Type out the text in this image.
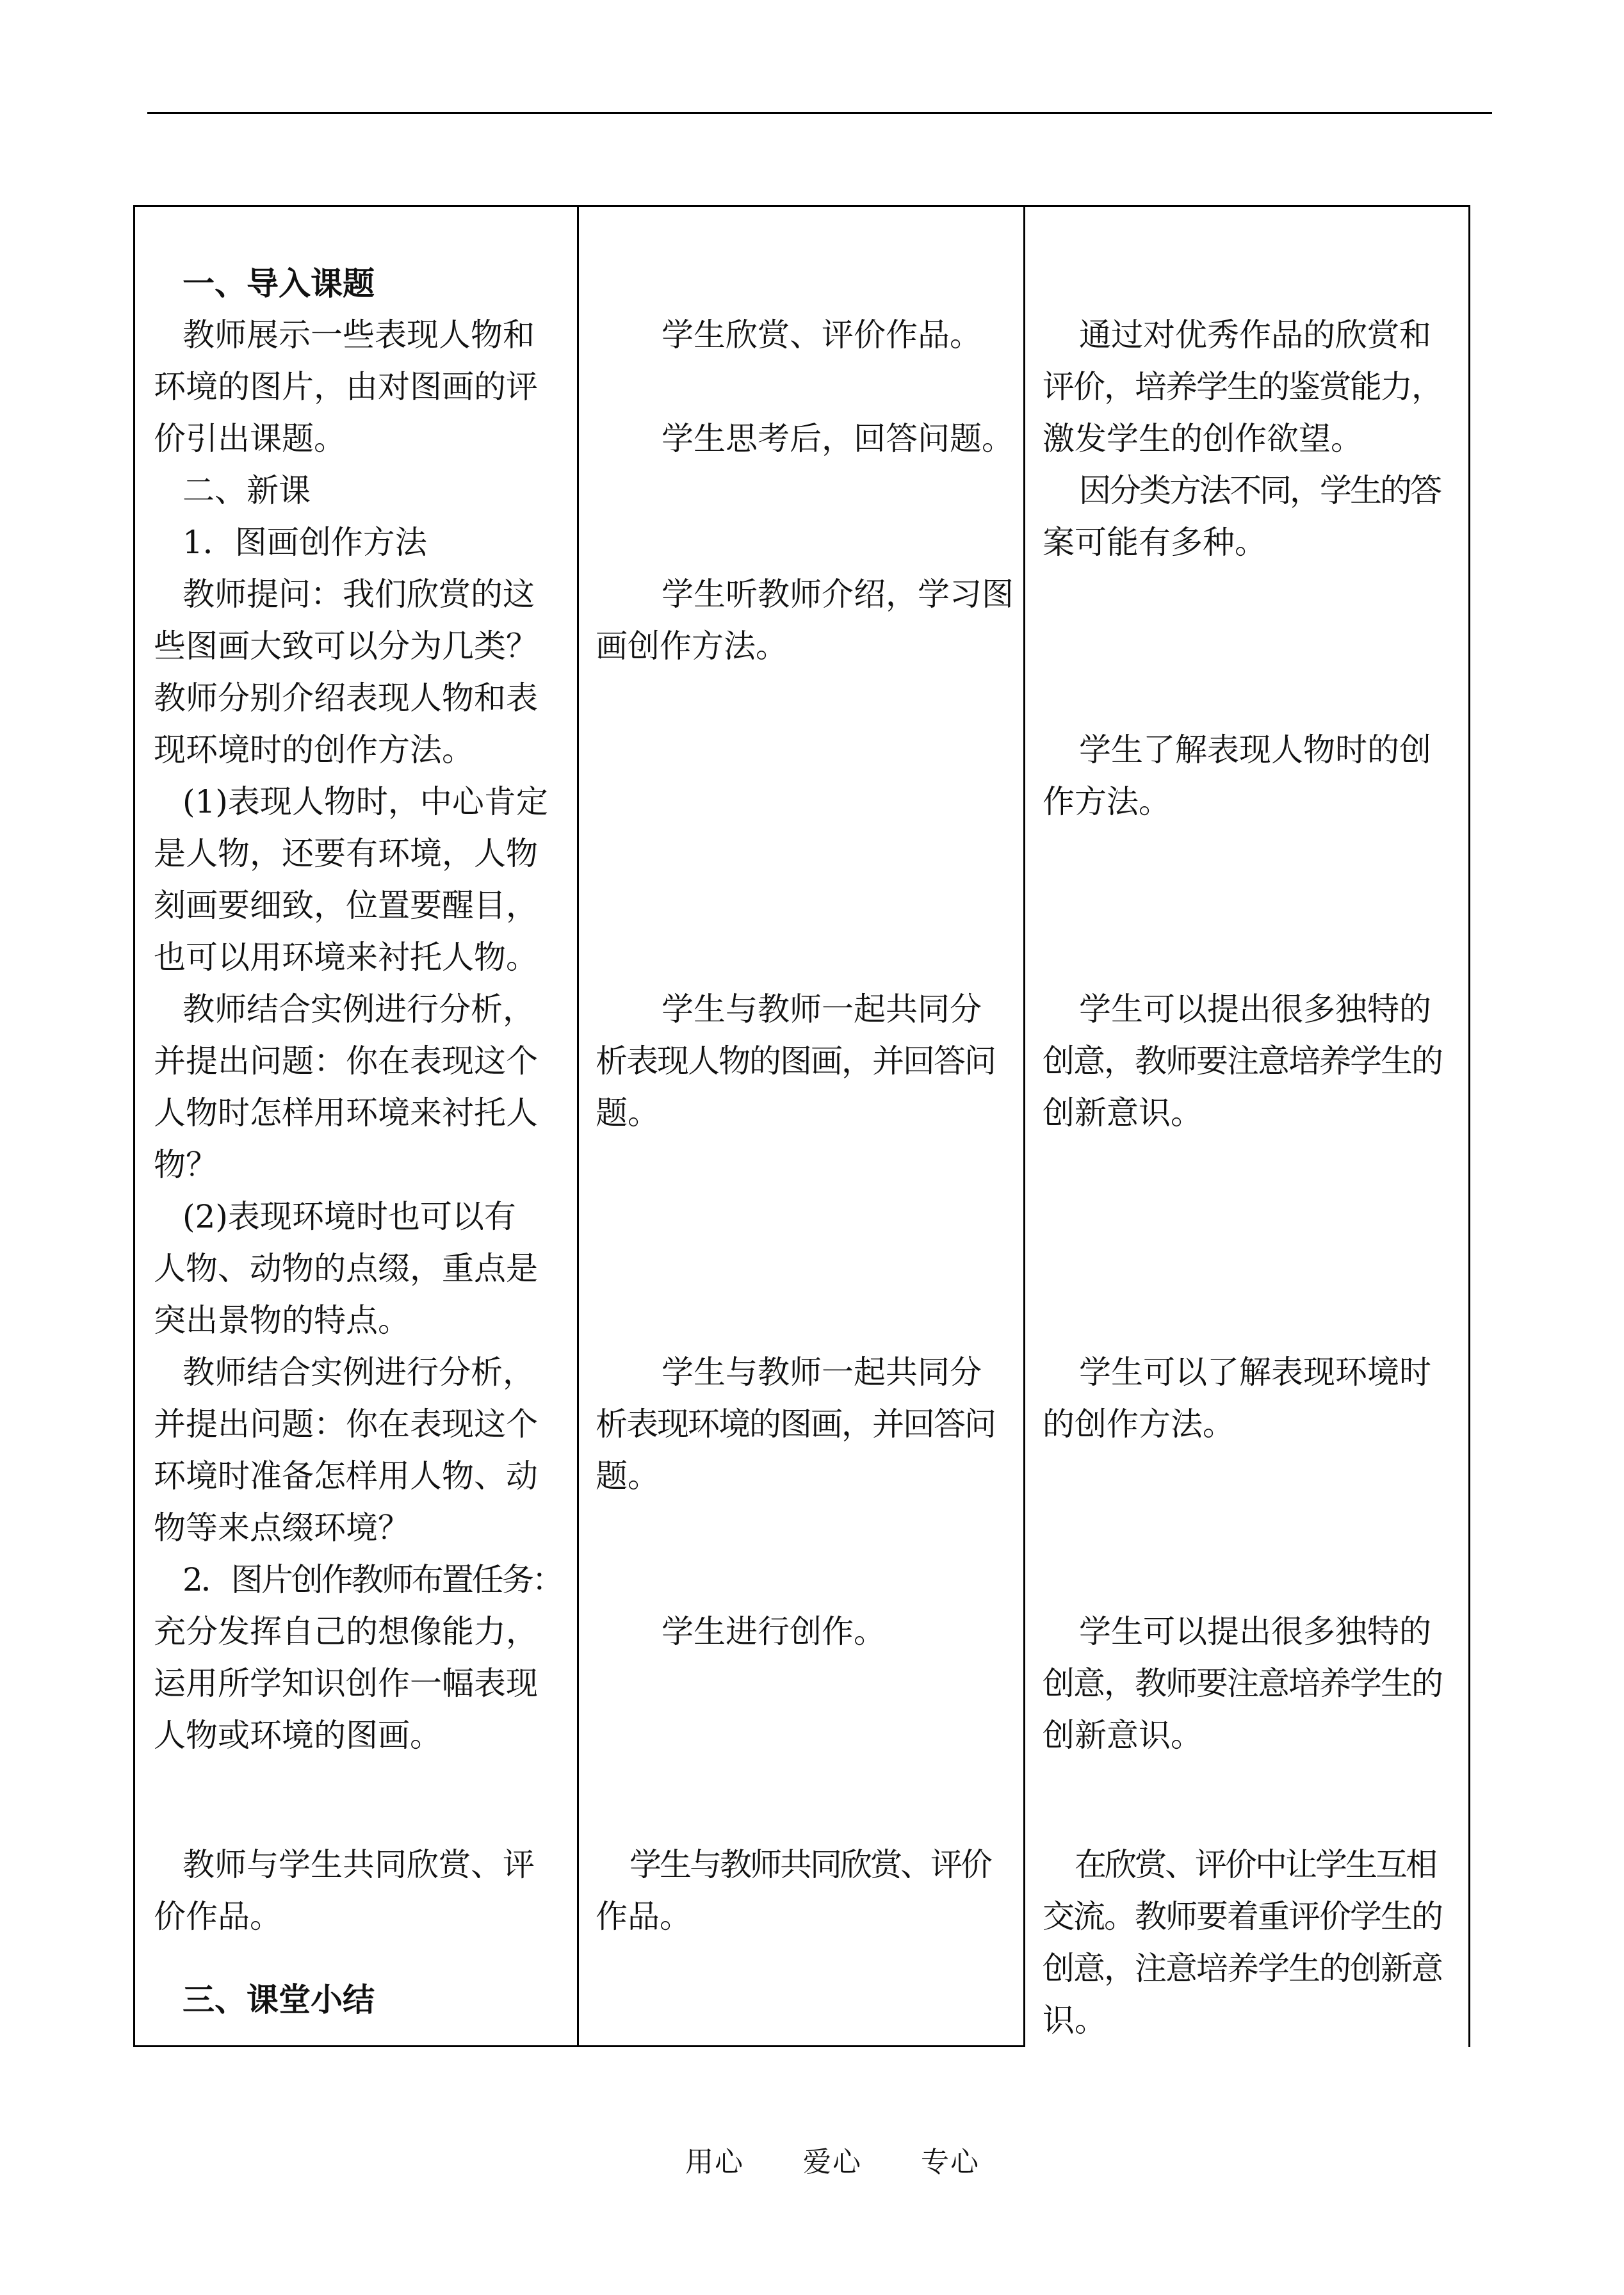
一、导入课题
教师展示一些表现人物和
环境的图片，由对图画的评
价引出课题。
二、新课
1．图画创作方法
教师提问：我们欣赏的这
些图画大致可以分为几类？
教师分别介绍表现人物和表
现环境时的创作方法。
(1)表现人物时，中心肯定
是人物，还要有环境，人物
刻画要细致，位置要醒目，
也可以用环境来衬托人物。
教师结合实例进行分析，
并提出问题：你在表现这个
人物时怎样用环境来衬托人
物？
(2)表现环境时也可以有
人物、动物的点缀，重点是
突出景物的特点。
教师结合实例进行分析，
并提出问题：你在表现这个
环境时准备怎样用人物、动
物等来点缀环境？
2．图片创作教师布置任务：
充分发挥自己的想像能力，
运用所学知识创作一幅表现
人物或环境的图画。
教师与学生共同欣赏、评
价作品。
三、课堂小结
学生欣赏、评价作品。
学生思考后，回答问题。
学生听教师介绍，学习图
画创作方法。
学生与教师一起共同分
析表现人物的图画，并回答问
题。
学生与教师一起共同分
析表现环境的图画，并回答问
题。
学生进行创作。
学生与教师共同欣赏、评价
作品。
通过对优秀作品的欣赏和
评价，培养学生的鉴赏能力，
激发学生的创作欲望。
因分类方法不同，学生的答
案可能有多种。
学生了解表现人物时的创
作方法。
学生可以提出很多独特的
创意，教师要注意培养学生的
创新意识。
学生可以了解表现环境时
的创作方法。
学生可以提出很多独特的
创意，教师要注意培养学生的
创新意识。
在欣赏、评价中让学生互相
交流。教师要着重评价学生的
创意，注意培养学生的创新意
识。
用心　　爱心　　专心
